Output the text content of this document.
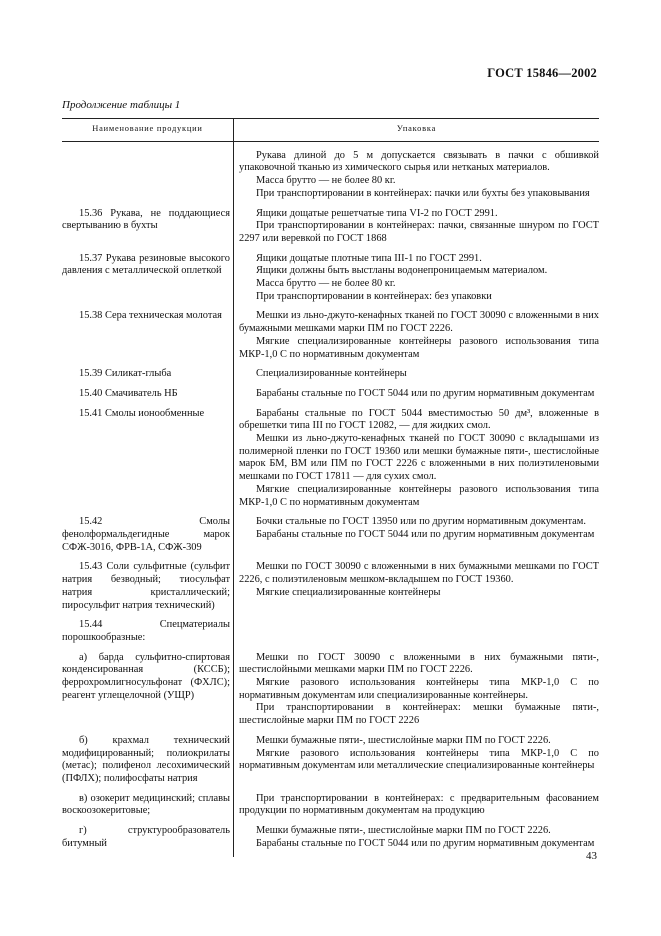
ГОСТ 15846—2002
Продолжение таблицы 1
Наименование продукции	Упаковка

	Рукава длиной до 5 м допускается связывать в пачки с обшивкой упаковочной тканью из химического сырья или нетканых материалов.
Масса брутто — не более 80 кг.
При транспортировании в контейнерах: пачки или бухты без упаковывания

15.36 Рукава, не поддающиеся свертыванию в бухты	Ящики дощатые решетчатые типа VI-2 по ГОСТ 2991.
При транспортировании в контейнерах: пачки, связанные шнуром по ГОСТ 2297 или веревкой по ГОСТ 1868

15.37 Рукава резиновые высокого давления с металлической оплеткой	Ящики дощатые плотные типа III-1 по ГОСТ 2991.
Ящики должны быть выстланы водонепроницаемым материалом.
Масса брутто — не более 80 кг.
При транспортировании в контейнерах: без упаковки

15.38 Сера техническая молотая	Мешки из льно-джуто-кенафных тканей по ГОСТ 30090 с вложенными в них бумажными мешками марки ПМ по ГОСТ 2226.
Мягкие специализированные контейнеры разового использования типа МКР-1,0 С по нормативным документам

15.39 Силикат-глыба	Специализированные контейнеры

15.40 Смачиватель НБ	Барабаны стальные по ГОСТ 5044 или по другим нормативным документам

15.41 Смолы ионообменные	Барабаны стальные по ГОСТ 5044 вместимостью 50 дм³, вложенные в обрешетки типа III по ГОСТ 12082, — для жидких смол.
Мешки из льно-джуто-кенафных тканей по ГОСТ 30090 с вкладышами из полимерной пленки по ГОСТ 19360 или мешки бумажные пяти-, шестислойные марок БМ, ВМ или ПМ по ГОСТ 2226 с вложенными в них полиэтиленовыми мешками по ГОСТ 17811 — для сухих смол.
Мягкие специализированные контейнеры разового использования типа МКР-1,0 С по нормативным документам

15.42 Смолы фенолформальдегидные марок СФЖ-3016, ФРВ-1А, СФЖ-309	Бочки стальные по ГОСТ 13950 или по другим нормативным документам.
Барабаны стальные по ГОСТ 5044 или по другим нормативным документам

15.43 Соли сульфитные (сульфит натрия безводный; тиосульфат натрия кристаллический; пиросульфит натрия технический)	Мешки по ГОСТ 30090 с вложенными в них бумажными мешками по ГОСТ 2226, с полиэтиленовым мешком-вкладышем по ГОСТ 19360.
Мягкие специализированные контейнеры

15.44 Спецматериалы порошкообразные:	

а) барда сульфитно-спиртовая конденсированная (КССБ); феррохромлигносульфонат (ФХЛС); реагент углещелочной (УЩР)	Мешки по ГОСТ 30090 с вложенными в них бумажными пяти-, шестислойными мешками марки ПМ по ГОСТ 2226.
Мягкие разового использования контейнеры типа МКР-1,0 С по нормативным документам или специализированные контейнеры.
При транспортировании в контейнерах: мешки бумажные пяти-, шестислойные марки ПМ по ГОСТ 2226

б) крахмал технический модифицированный; полиокрилаты (метас); полифенол лесохимический (ПФЛХ); полифосфаты натрия	Мешки бумажные пяти-, шестислойные марки ПМ по ГОСТ 2226.
Мягкие разового использования контейнеры типа МКР-1,0 С по нормативным документам или металлические специализированные контейнеры

в) озокерит медицинский; сплавы воскоозокеритовые;	При транспортировании в контейнерах: с предварительным фасованием продукции по нормативным документам на продукцию

г) структурообразователь битумный	Мешки бумажные пяти-, шестислойные марки ПМ по ГОСТ 2226.
Барабаны стальные по ГОСТ 5044 или по другим нормативным документам
43
